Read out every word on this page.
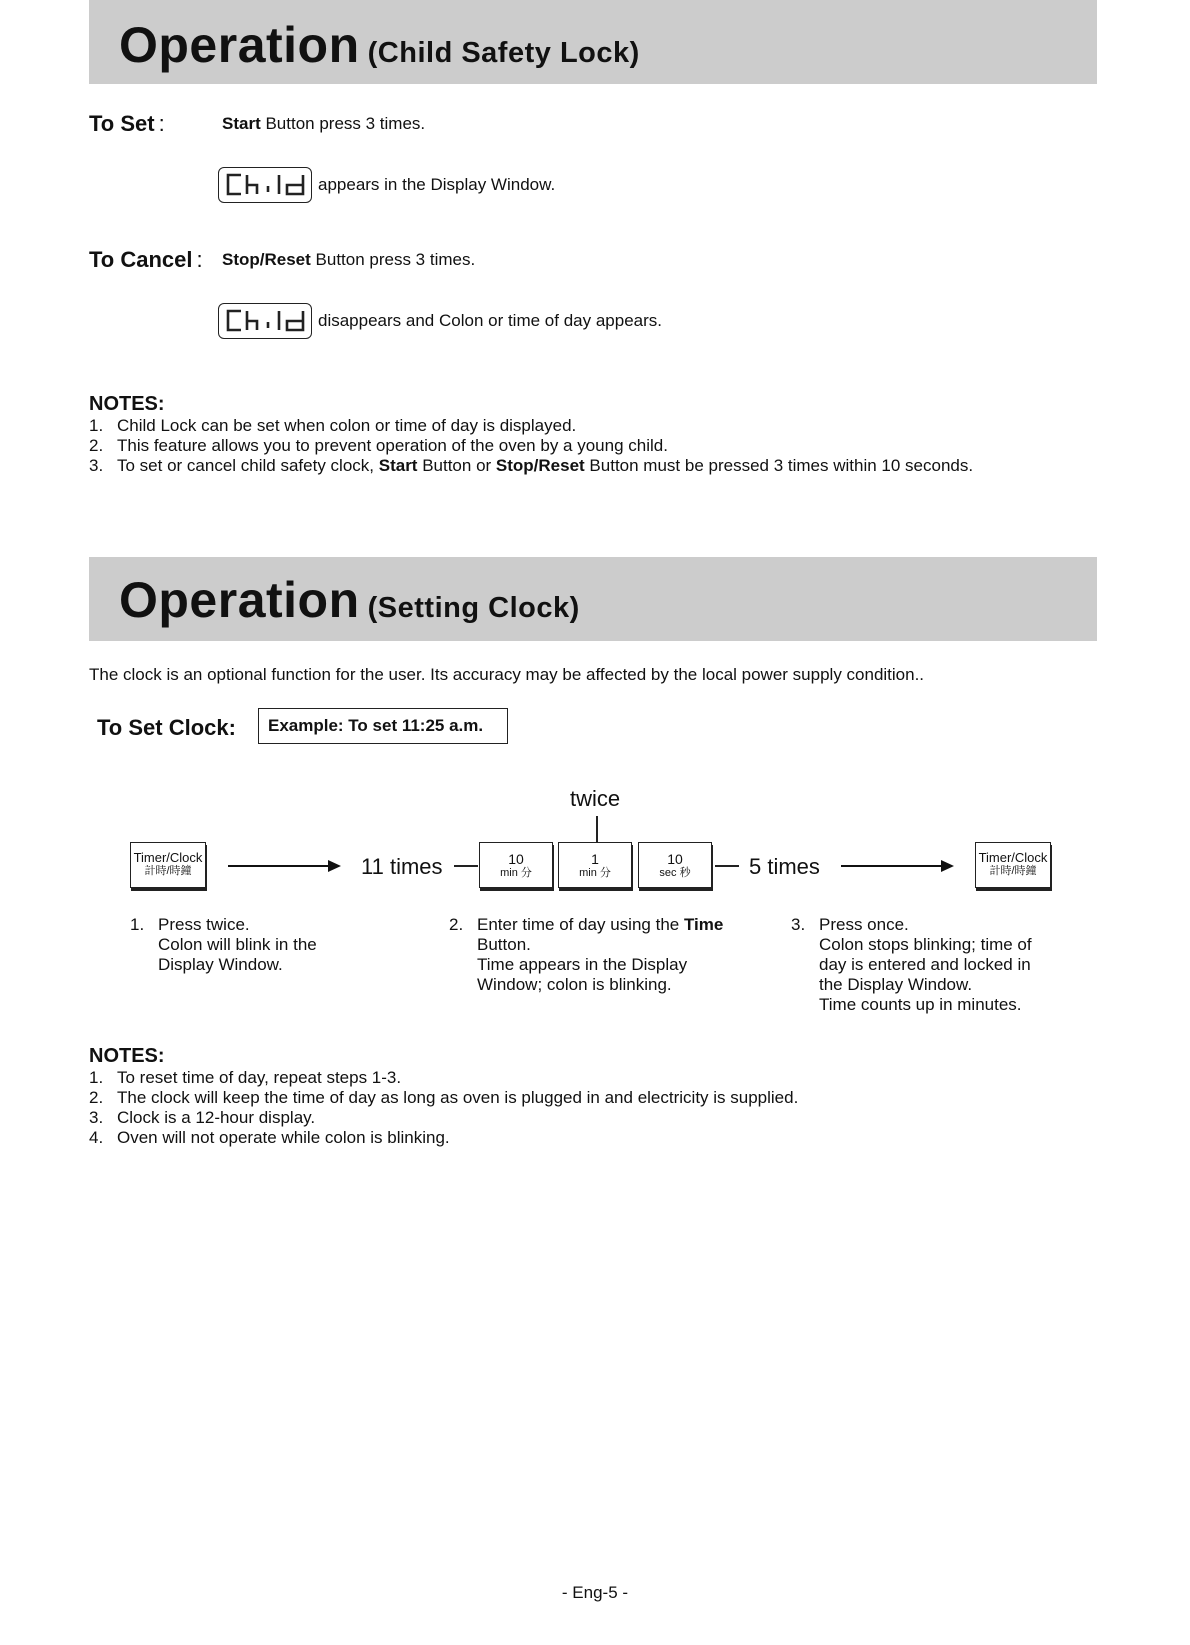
Operation (Child Safety Lock)
To Set :	Start Button press 3 times.
appears in the Display Window.
To Cancel : Stop/Reset Button press 3 times.
disappears and Colon or time of day appears.
NOTES:
1. Child Lock can be set when colon or time of day is displayed.
2. This feature allows you to prevent operation of the oven by a young child.
3. To set or cancel child safety clock, Start Button or Stop/Reset Button must be pressed 3 times within 10 seconds.
Operation (Setting Clock)
The clock is an optional function for the user. Its accuracy may be affected by the local power supply condition..
To Set Clock:	Example: To set 11:25 a.m.
twice
Timer/Clock
計時/時鐘	11 times	10
min 分
1
min 分
10
sec 秒	5 times	Timer/Clock
計時/時鐘
1. Press twice.
Colon will blink in the
Display Window.
2. Enter time of day using the Time
Button.
Time appears in the Display
Window; colon is blinking.
3. Press once.
Colon stops blinking; time of
day is entered and locked in
the Display Window.
Time counts up in minutes.
NOTES:
1. To reset time of day, repeat steps 1-3.
2. The clock will keep the time of day as long as oven is plugged in and electricity is supplied.
3. Clock is a 12-hour display.
4. Oven will not operate while colon is blinking.
- Eng-5 -
